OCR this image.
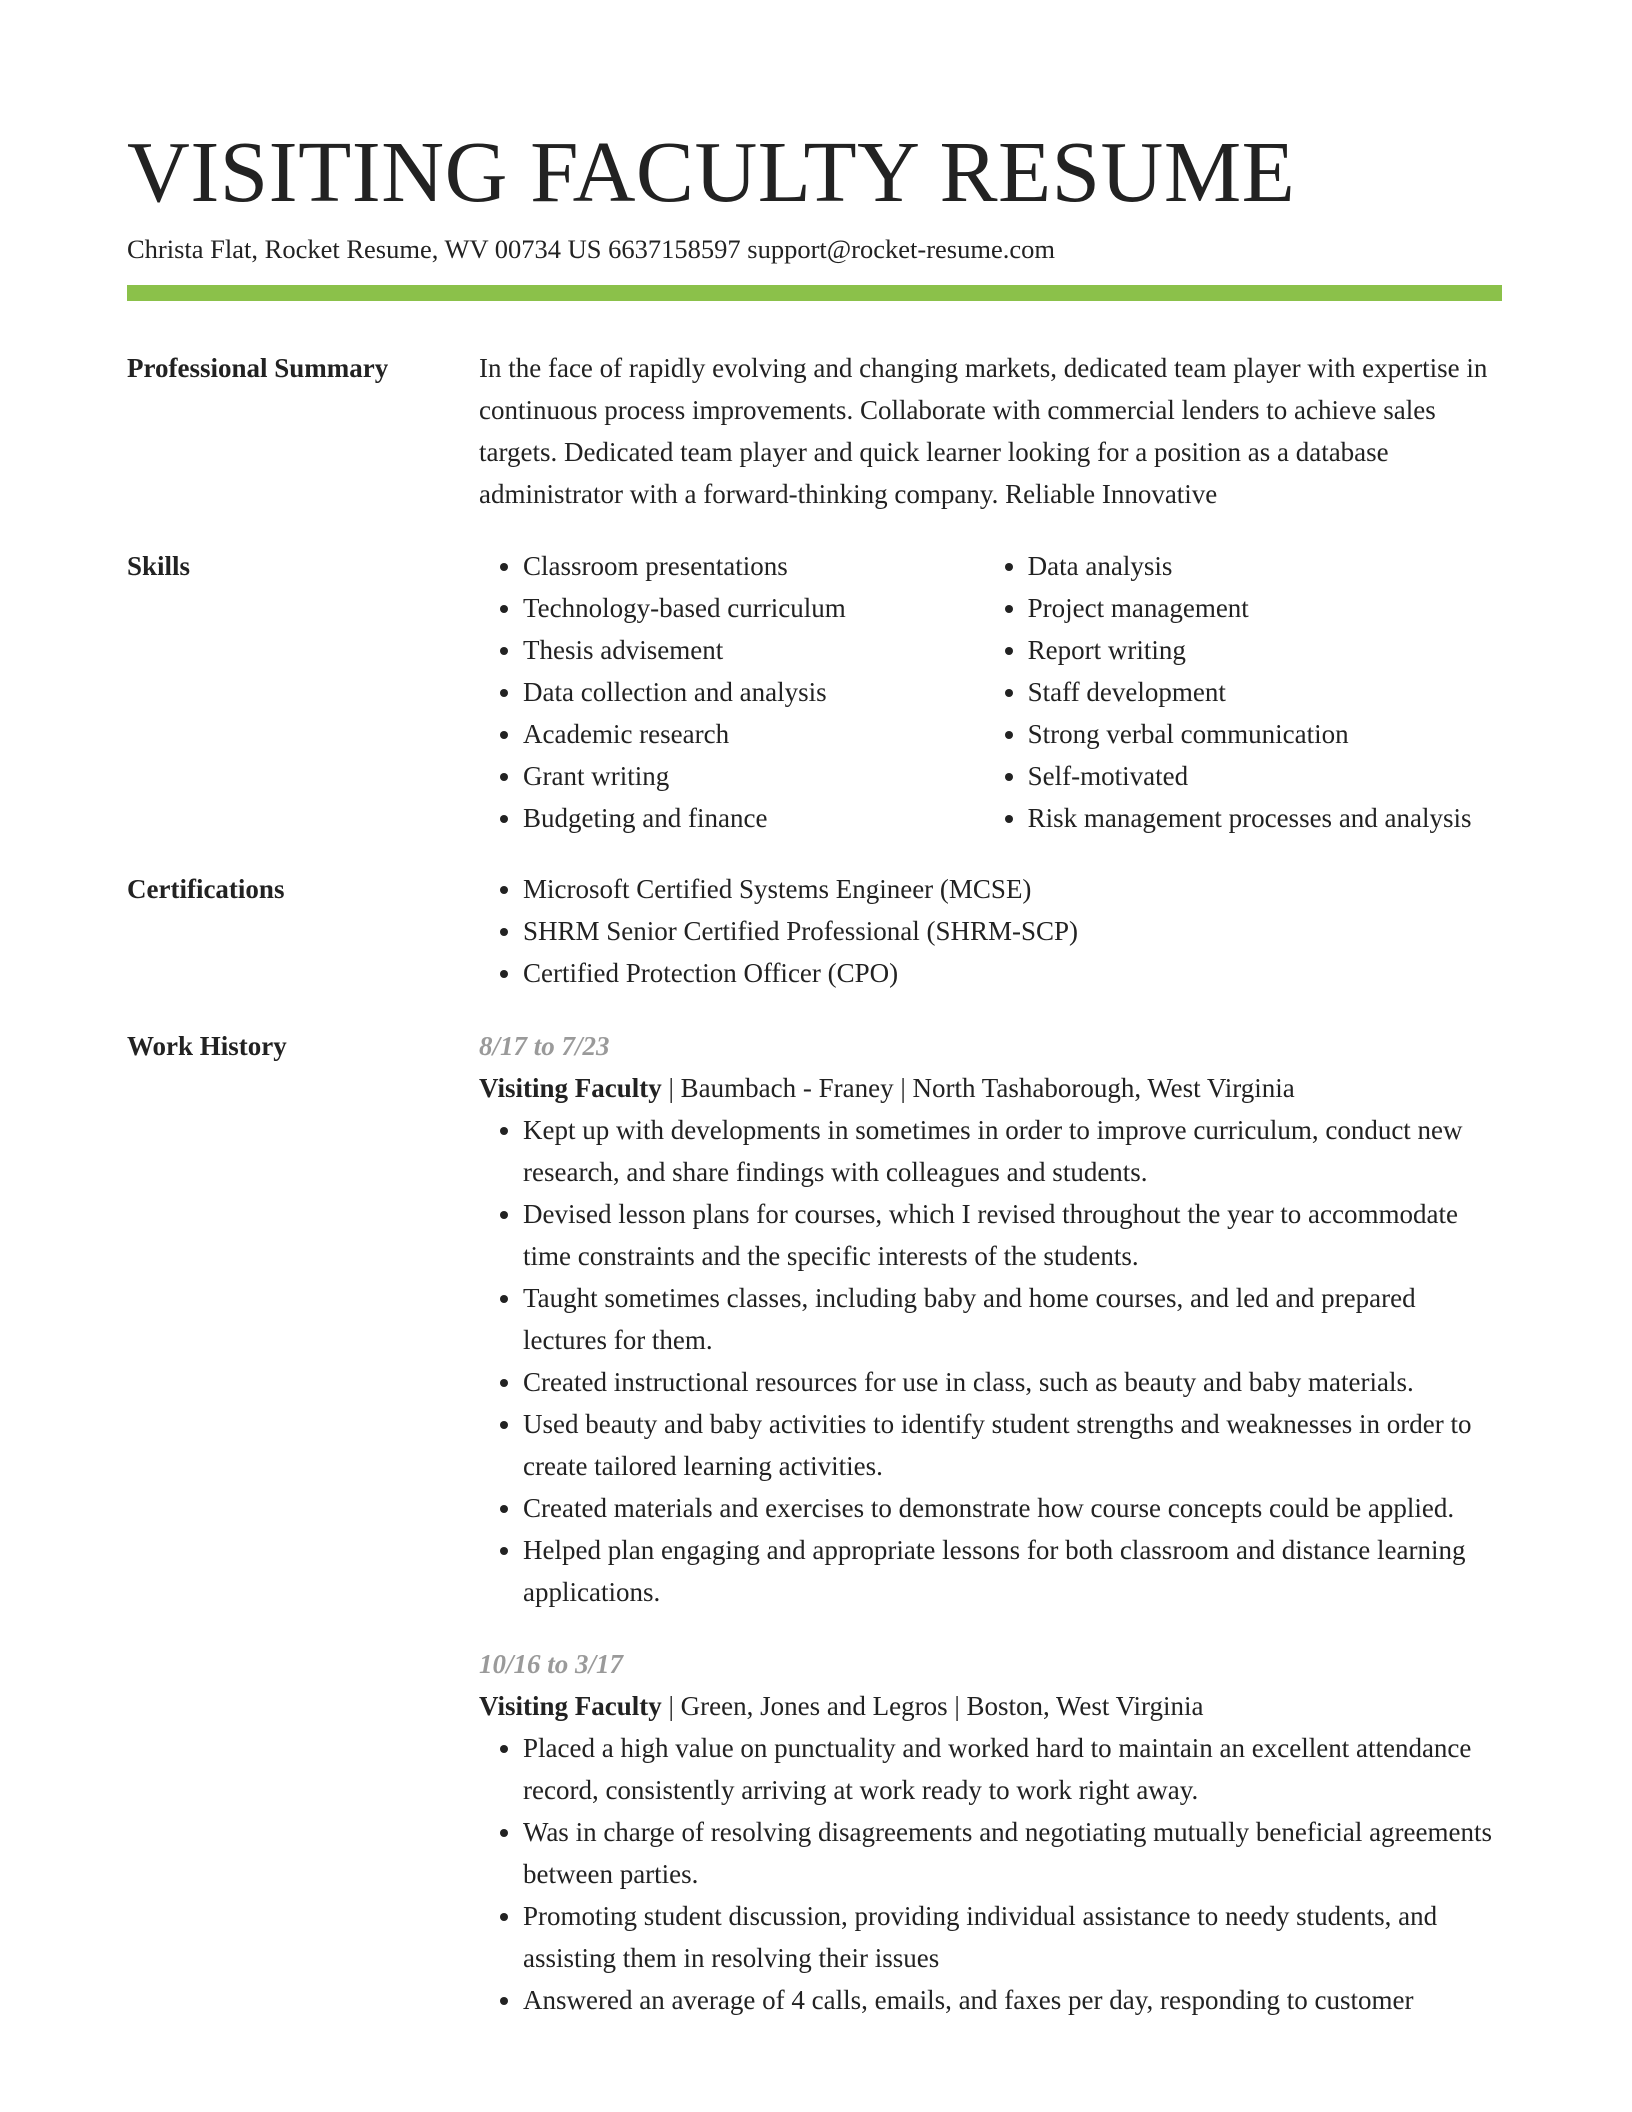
VISITING FACULTY RESUME
Christa Flat, Rocket Resume, WV 00734 US 6637158597 support@rocket-resume.com
Professional Summary	In the face of rapidly evolving and changing markets, dedicated team player with expertise in continuous process improvements. Collaborate with commercial lenders to achieve sales targets. Dedicated team player and quick learner looking for a position as a database administrator with a forward-thinking company. Reliable Innovative

Skills	• Classroom presentations
• Technology-based curriculum
• Thesis advisement
• Data collection and analysis
• Academic research
• Grant writing
• Budgeting and finance
• Data analysis
• Project management
• Report writing
• Staff development
• Strong verbal communication
• Self-motivated
• Risk management processes and analysis
Certifications	• Microsoft Certified Systems Engineer (MCSE)
• SHRM Senior Certified Professional (SHRM-SCP)
• Certified Protection Officer (CPO)
Work History	8/17 to 7/23
Visiting Faculty | Baumbach - Franey | North Tashaborough, West Virginia
• Kept up with developments in sometimes in order to improve curriculum, conduct new research, and share findings with colleagues and students.
• Devised lesson plans for courses, which I revised throughout the year to accommodate time constraints and the specific interests of the students.
• Taught sometimes classes, including baby and home courses, and led and prepared lectures for them.
• Created instructional resources for use in class, such as beauty and baby materials.
• Used beauty and baby activities to identify student strengths and weaknesses in order to create tailored learning activities.
• Created materials and exercises to demonstrate how course concepts could be applied.
• Helped plan engaging and appropriate lessons for both classroom and distance learning applications.
10/16 to 3/17
Visiting Faculty | Green, Jones and Legros | Boston, West Virginia
• Placed a high value on punctuality and worked hard to maintain an excellent attendance record, consistently arriving at work ready to work right away.
• Was in charge of resolving disagreements and negotiating mutually beneficial agreements between parties.
• Promoting student discussion, providing individual assistance to needy students, and assisting them in resolving their issues
• Answered an average of 4 calls, emails, and faxes per day, responding to customer
